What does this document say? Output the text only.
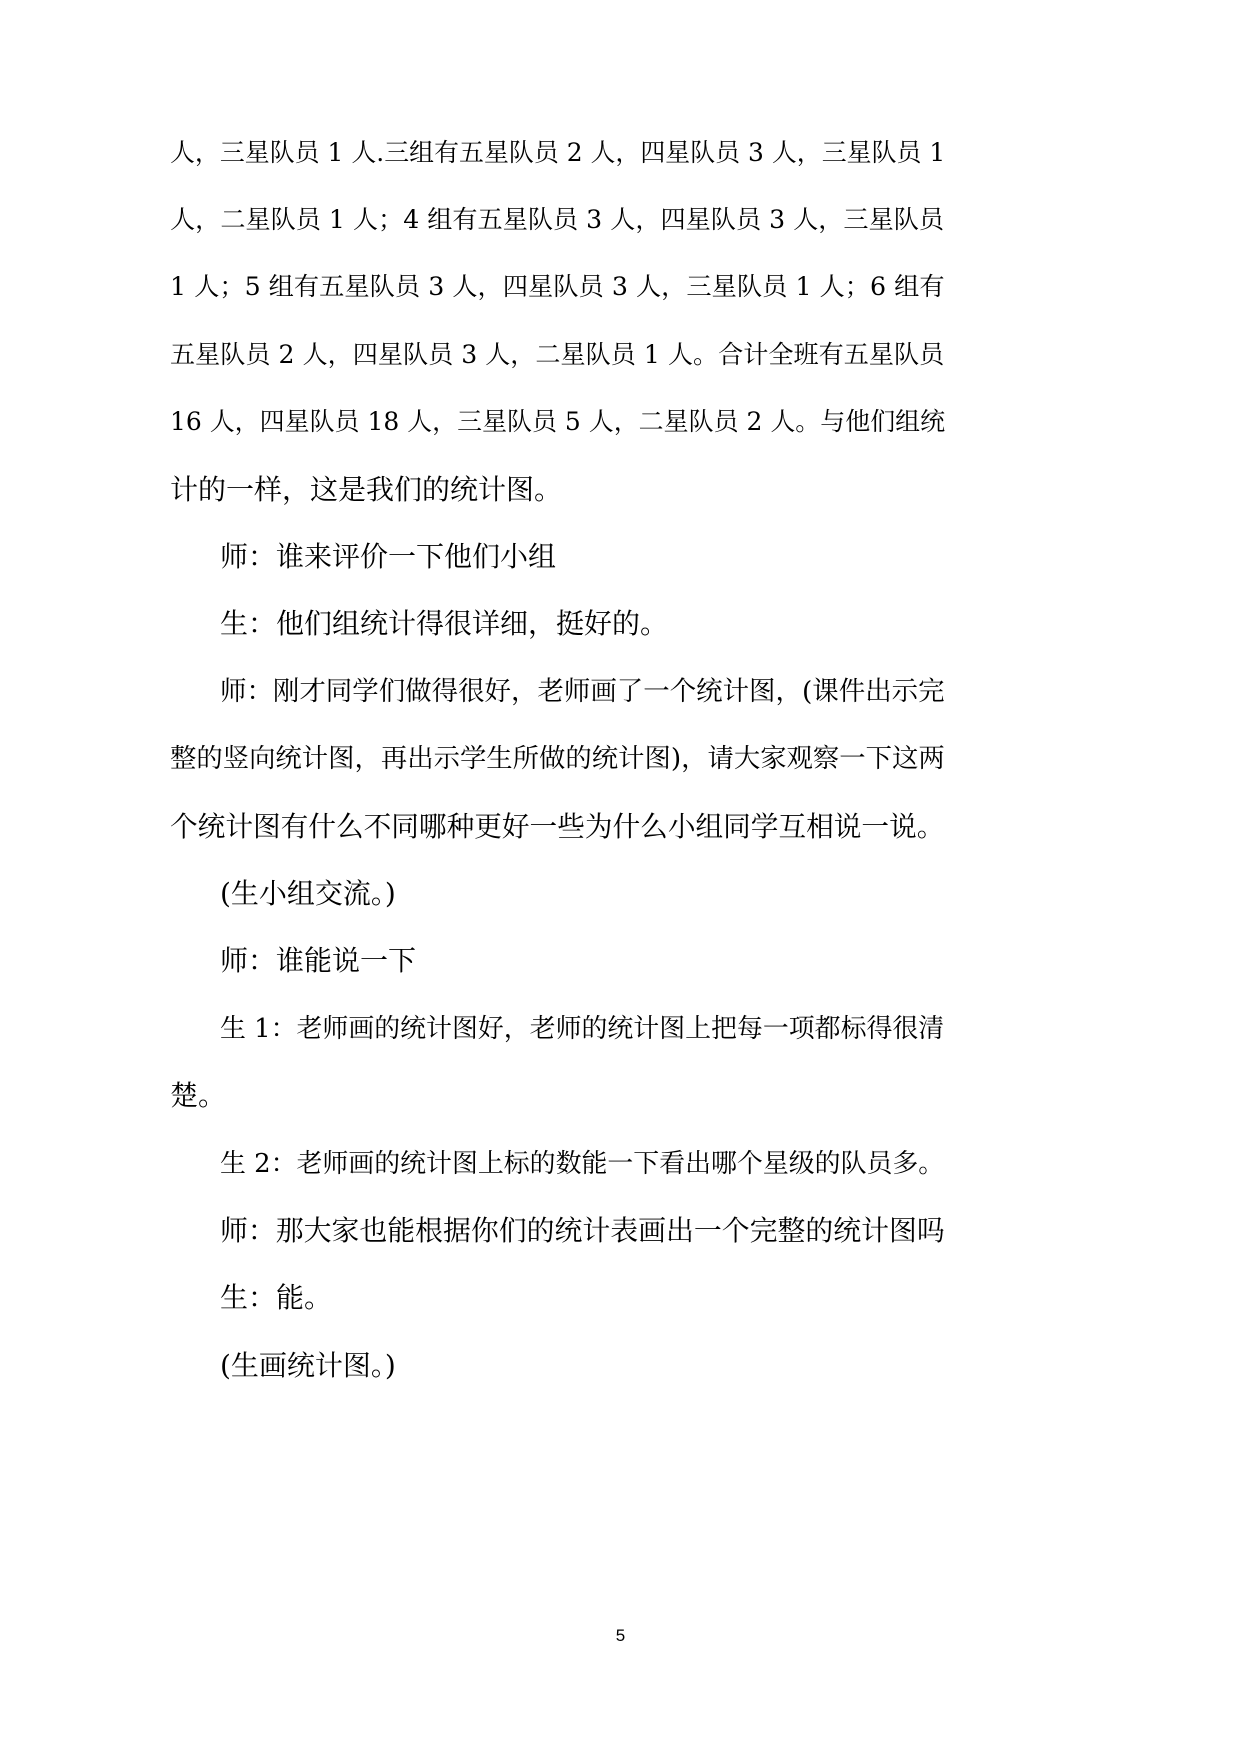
人，三星队员 1 人.三组有五星队员 2 人，四星队员 3 人，三星队员 1
人，二星队员 1 人；4 组有五星队员 3 人，四星队员 3 人，三星队员
1 人；5 组有五星队员 3 人，四星队员 3 人，三星队员 1 人；6 组有
五星队员 2 人，四星队员 3 人，二星队员 1 人。合计全班有五星队员
16 人，四星队员 18 人，三星队员 5 人，二星队员 2 人。与他们组统
计的一样，这是我们的统计图。
师：谁来评价一下他们小组
生：他们组统计得很详细，挺好的。
师：刚才同学们做得很好，老师画了一个统计图，(课件出示完
整的竖向统计图，再出示学生所做的统计图)，请大家观察一下这两
个统计图有什么不同哪种更好一些为什么小组同学互相说一说。
(生小组交流。)
师：谁能说一下
生 1：老师画的统计图好，老师的统计图上把每一项都标得很清
楚。
生 2：老师画的统计图上标的数能一下看出哪个星级的队员多。
师：那大家也能根据你们的统计表画出一个完整的统计图吗
生：能。
(生画统计图。)
5
